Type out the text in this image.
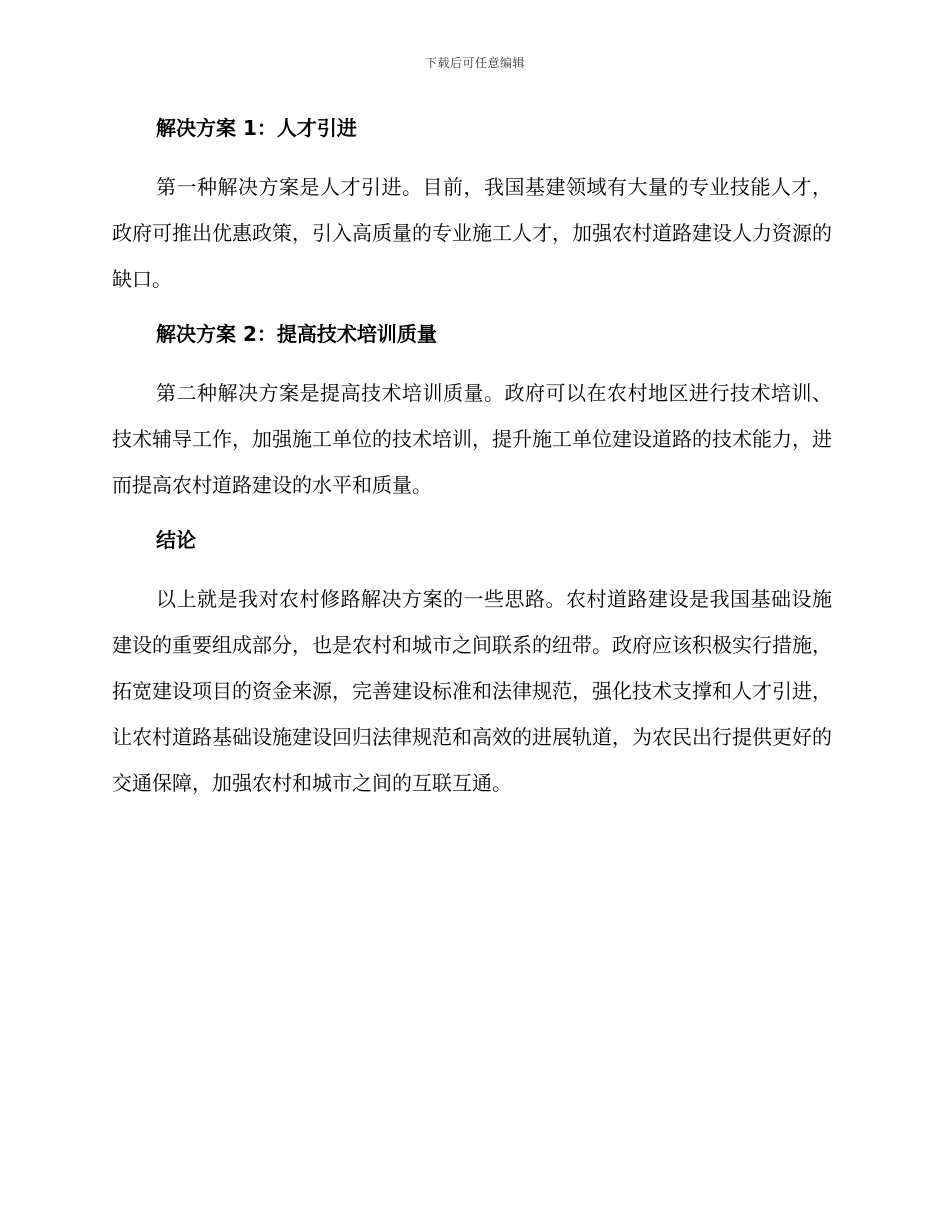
下载后可任意编辑
解决方案 1：人才引进

第一种解决方案是人才引进。目前，我国基建领域有大量的专业技能人才，政府可推出优惠政策，引入高质量的专业施工人才，加强农村道路建设人力资源的缺口。

解决方案 2：提高技术培训质量

第二种解决方案是提高技术培训质量。政府可以在农村地区进行技术培训、技术辅导工作，加强施工单位的技术培训，提升施工单位建设道路的技术能力，进而提高农村道路建设的水平和质量。

结论

以上就是我对农村修路解决方案的一些思路。农村道路建设是我国基础设施建设的重要组成部分，也是农村和城市之间联系的纽带。政府应该积极实行措施，拓宽建设项目的资金来源，完善建设标准和法律规范，强化技术支撑和人才引进，让农村道路基础设施建设回归法律规范和高效的进展轨道，为农民出行提供更好的交通保障，加强农村和城市之间的互联互通。
